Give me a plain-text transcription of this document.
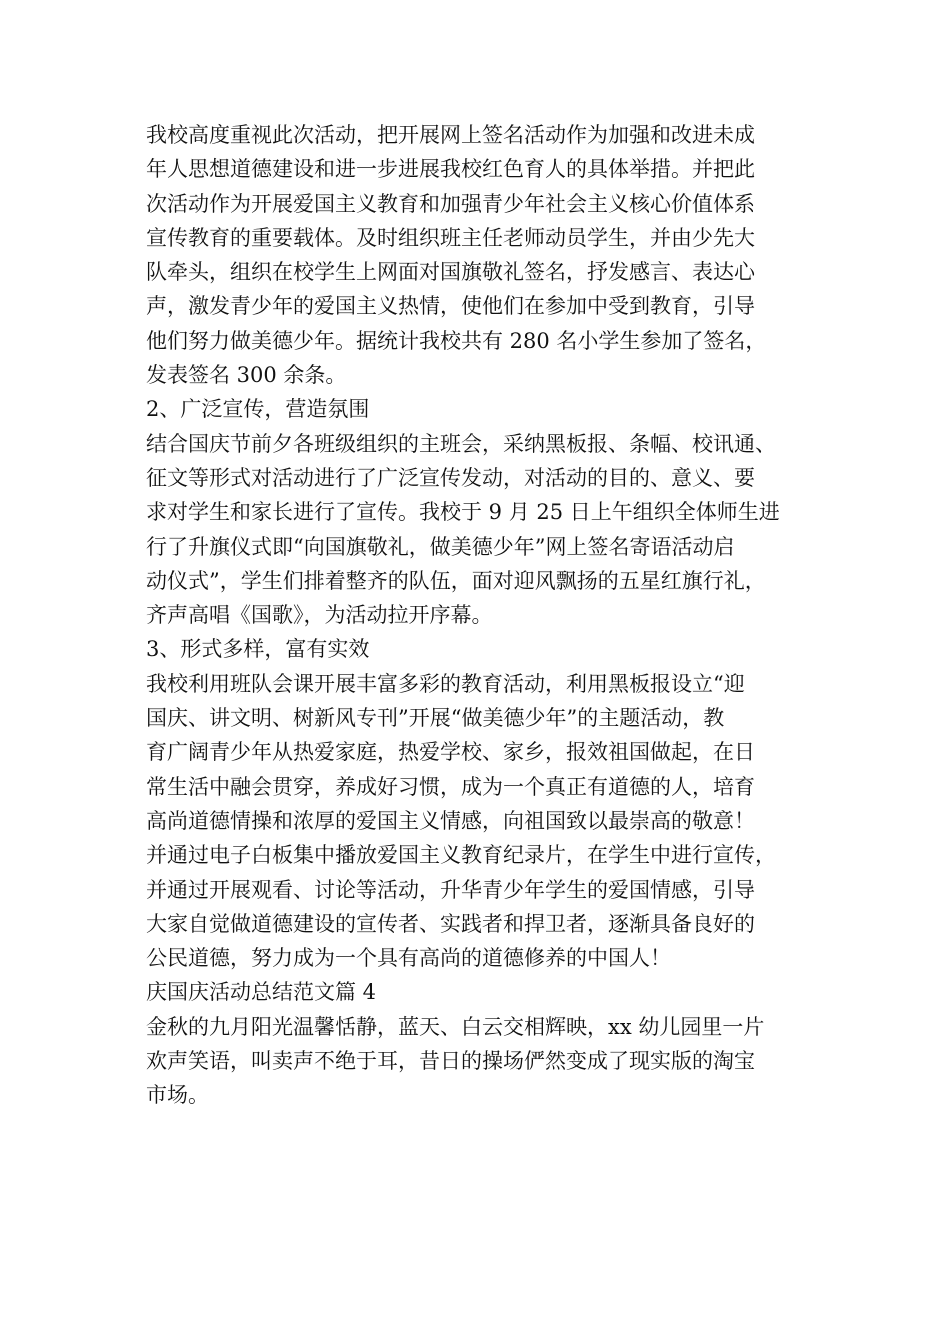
我校高度重视此次活动，把开展网上签名活动作为加强和改进未成
年人思想道德建设和进一步进展我校红色育人的具体举措。并把此
次活动作为开展爱国主义教育和加强青少年社会主义核心价值体系
宣传教育的重要载体。及时组织班主任老师动员学生，并由少先大
队牵头，组织在校学生上网面对国旗敬礼签名，抒发感言、表达心
声，激发青少年的爱国主义热情，使他们在参加中受到教育，引导
他们努力做美德少年。据统计我校共有 280 名小学生参加了签名，
发表签名 300 余条。
2、广泛宣传，营造氛围
结合国庆节前夕各班级组织的主班会，采纳黑板报、条幅、校讯通、
征文等形式对活动进行了广泛宣传发动，对活动的目的、意义、要
求对学生和家长进行了宣传。我校于 9 月 25 日上午组织全体师生进
行了升旗仪式即“向国旗敬礼，做美德少年”网上签名寄语活动启
动仪式”，学生们排着整齐的队伍，面对迎风飘扬的五星红旗行礼，
齐声高唱《国歌》，为活动拉开序幕。
3、形式多样，富有实效
我校利用班队会课开展丰富多彩的教育活动，利用黑板报设立“迎
国庆、讲文明、树新风专刊”开展“做美德少年”的主题活动，教
育广阔青少年从热爱家庭，热爱学校、家乡，报效祖国做起，在日
常生活中融会贯穿，养成好习惯，成为一个真正有道德的人，培育
高尚道德情操和浓厚的爱国主义情感，向祖国致以最崇高的敬意！
并通过电子白板集中播放爱国主义教育纪录片，在学生中进行宣传，
并通过开展观看、讨论等活动，升华青少年学生的爱国情感，引导
大家自觉做道德建设的宣传者、实践者和捍卫者，逐渐具备良好的
公民道德，努力成为一个具有高尚的道德修养的中国人！
庆国庆活动总结范文篇 4
金秋的九月阳光温馨恬静，蓝天、白云交相辉映，xx 幼儿园里一片
欢声笑语，叫卖声不绝于耳，昔日的操场俨然变成了现实版的淘宝
市场。
